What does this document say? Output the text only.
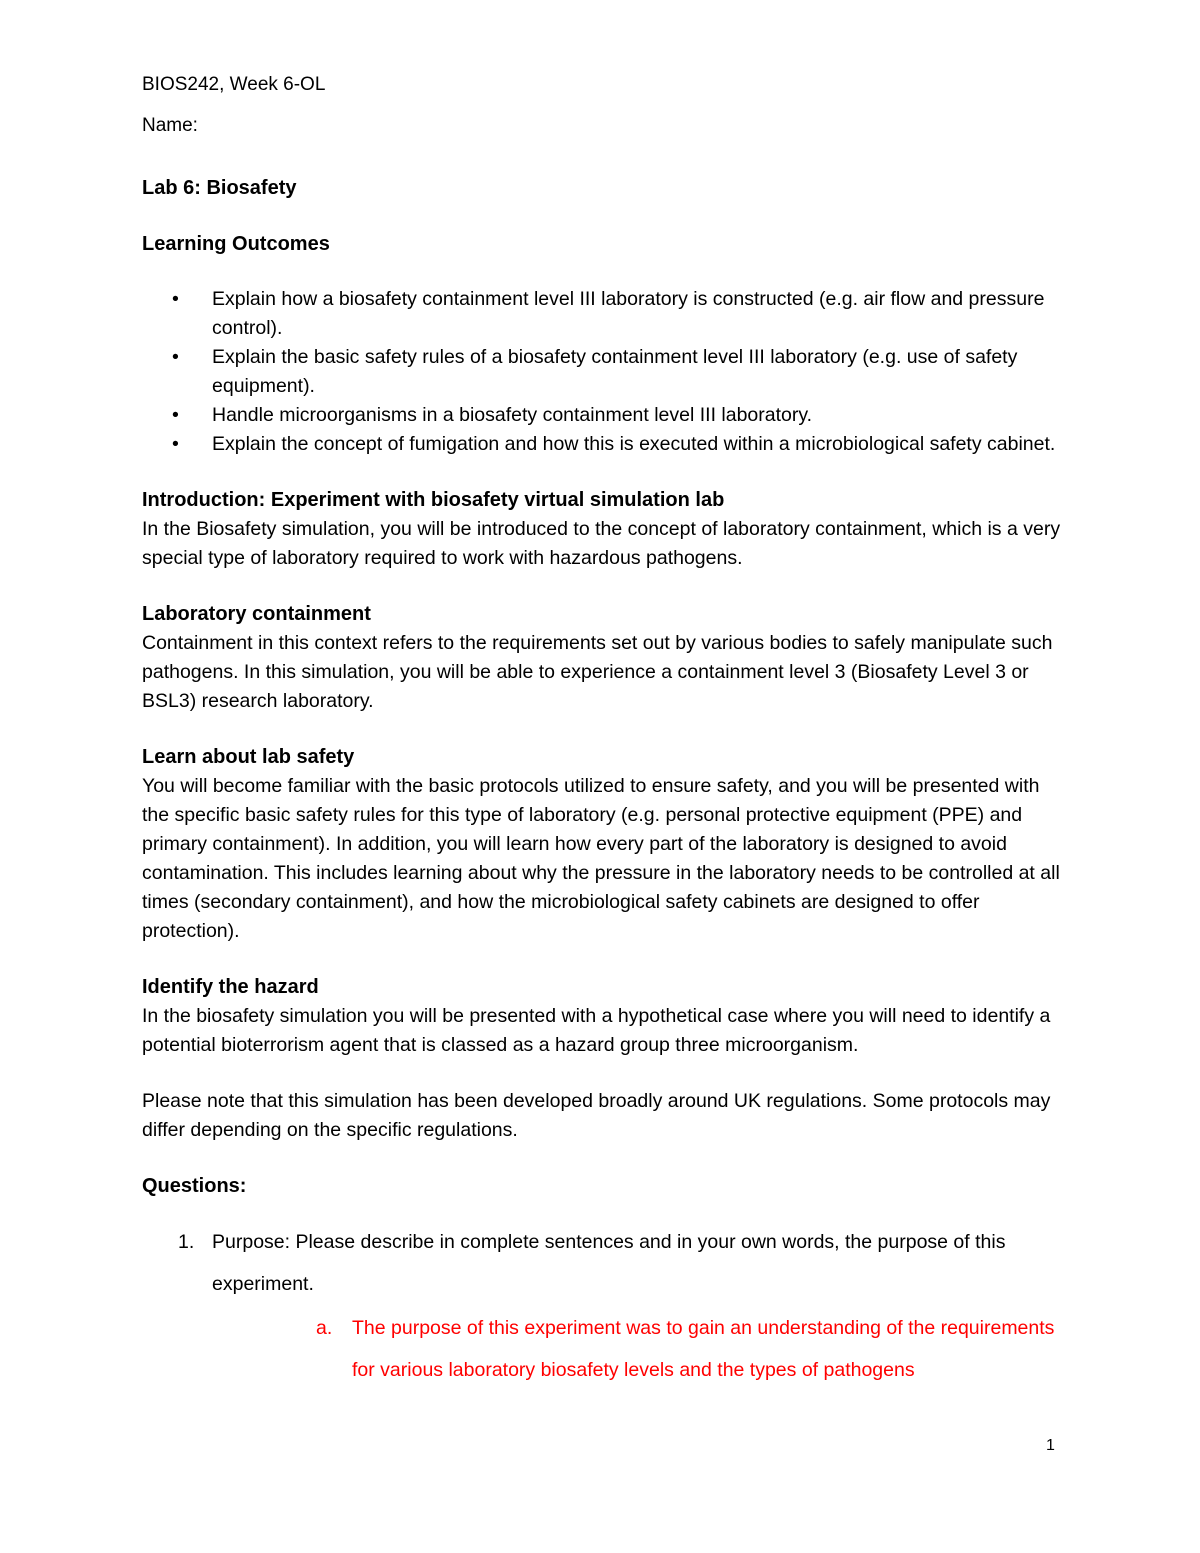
BIOS242, Week 6-OL

Name:

Lab 6: Biosafety

Learning Outcomes

• Explain how a biosafety containment level III laboratory is constructed (e.g. air flow and pressure control).
• Explain the basic safety rules of a biosafety containment level III laboratory (e.g. use of safety equipment).
• Handle microorganisms in a biosafety containment level III laboratory.
• Explain the concept of fumigation and how this is executed within a microbiological safety cabinet.

Introduction: Experiment with biosafety virtual simulation lab

In the Biosafety simulation, you will be introduced to the concept of laboratory containment, which is a very special type of laboratory required to work with hazardous pathogens.

Laboratory containment

Containment in this context refers to the requirements set out by various bodies to safely manipulate such pathogens. In this simulation, you will be able to experience a containment level 3 (Biosafety Level 3 or BSL3) research laboratory.

Learn about lab safety

You will become familiar with the basic protocols utilized to ensure safety, and you will be presented with the specific basic safety rules for this type of laboratory (e.g. personal protective equipment (PPE) and primary containment). In addition, you will learn how every part of the laboratory is designed to avoid contamination. This includes learning about why the pressure in the laboratory needs to be controlled at all times (secondary containment), and how the microbiological safety cabinets are designed to offer protection).

Identify the hazard

In the biosafety simulation you will be presented with a hypothetical case where you will need to identify a potential bioterrorism agent that is classed as a hazard group three microorganism.

Please note that this simulation has been developed broadly around UK regulations. Some protocols may differ depending on the specific regulations.

Questions:

1. Purpose: Please describe in complete sentences and in your own words, the purpose of this experiment.
a. The purpose of this experiment was to gain an understanding of the requirements for various laboratory biosafety levels and the types of pathogens
1
